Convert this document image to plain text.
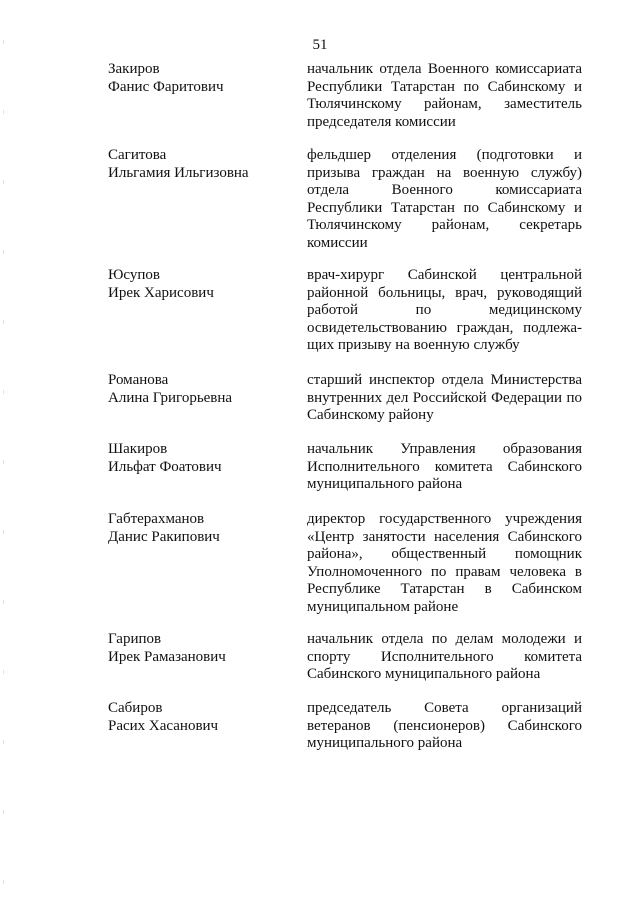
51
Закиров
Фанис Фаритович
начальник отдела Военного комиссариата Республики Татарстан по Сабинскому и Тюлячинскому районам, заместитель председателя комиссии
Сагитова
Ильгамия Ильгизовна
фельдшер отделения (подготовки и призыва граждан на военную службу) отдела Военного комиссариата Республики Татарстан по Сабинскому и Тюлячинскому районам, секретарь комиссии
Юсупов
Ирек Харисович
врач-хирург Сабинской центральной районной больницы, врач, руководящий работой по медицинскому освидетельствованию граждан, подлежащих призыву на военную службу
Романова
Алина Григорьевна
старший инспектор отдела Министерства внутренних дел Российской Федерации по Сабинскому району
Шакиров
Ильфат Фоатович
начальник Управления образования Исполнительного комитета Сабинского муниципального района
Габтерахманов
Данис Ракипович
директор государственного учреждения «Центр занятости населения Сабинского района», общественный помощник Уполномоченного по правам человека в Республике Татарстан в Сабинском муниципальном районе
Гарипов
Ирек Рамазанович
начальник отдела по делам молодежи и спорту Исполнительного комитета Сабинского муниципального района
Сабиров
Расих Хасанович
председатель Совета организаций ветеранов (пенсионеров) Сабинского муниципального района
